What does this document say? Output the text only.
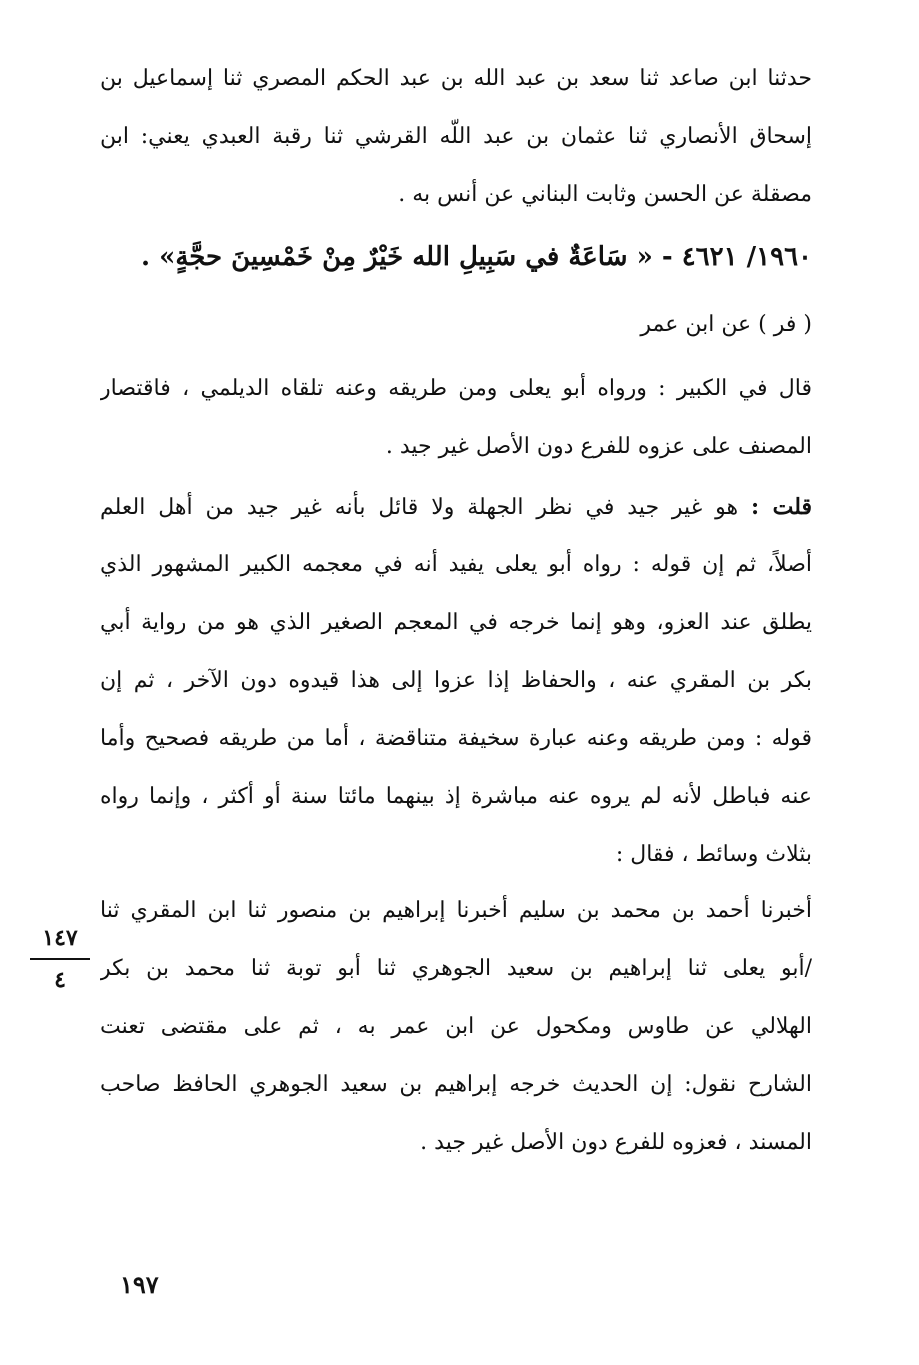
حدثنا ابن صاعد ثنا سعد بن عبد الله بن عبد الحكم المصري ثنا إسماعيل بن
إسحاق الأنصاري ثنا عثمان بن عبد اللّه القرشي ثنا رقبة العبدي يعني: ابن
مصقلة عن الحسن وثابت البناني عن أنس به .
١٩٦٠/ ٤٦٢١ - « سَاعَةٌ في سَبِيلِ الله خَيْرٌ مِنْ خَمْسِينَ حجَّةٍ» .
( فر ) عن ابن عمر
قال في الكبير : ورواه أبو يعلى ومن طريقه وعنه تلقاه الديلمي ، فاقتصار
المصنف على عزوه للفرع دون الأصل غير جيد .
قلت : هو غير جيد في نظر الجهلة ولا قائل بأنه غير جيد من أهل العلم
أصلاً، ثم إن قوله : رواه أبو يعلى يفيد أنه في معجمه الكبير المشهور الذي
يطلق عند العزو، وهو إنما خرجه في المعجم الصغير الذي هو من رواية أبي
بكر بن المقري عنه ، والحفاظ إذا عزوا إلى هذا قيدوه دون الآخر ، ثم إن
قوله : ومن طريقه وعنه عبارة سخيفة متناقضة ، أما من طريقه فصحيح وأما
عنه فباطل لأنه لم يروه عنه مباشرة إذ بينهما مائتا سنة أو أكثر ، وإنما رواه
بثلاث وسائط ، فقال :
أخبرنا أحمد بن محمد بن سليم أخبرنا إبراهيم بن منصور ثنا ابن المقري ثنا
/أبو يعلى ثنا إبراهيم بن سعيد الجوهري ثنا أبو توبة ثنا محمد بن بكر
الهلالي عن طاوس ومكحول عن ابن عمر به ، ثم على مقتضى تعنت
الشارح نقول: إن الحديث خرجه إبراهيم بن سعيد الجوهري الحافظ صاحب
المسند ، فعزوه للفرع دون الأصل غير جيد .
١٤٧
٤
١٩٧
